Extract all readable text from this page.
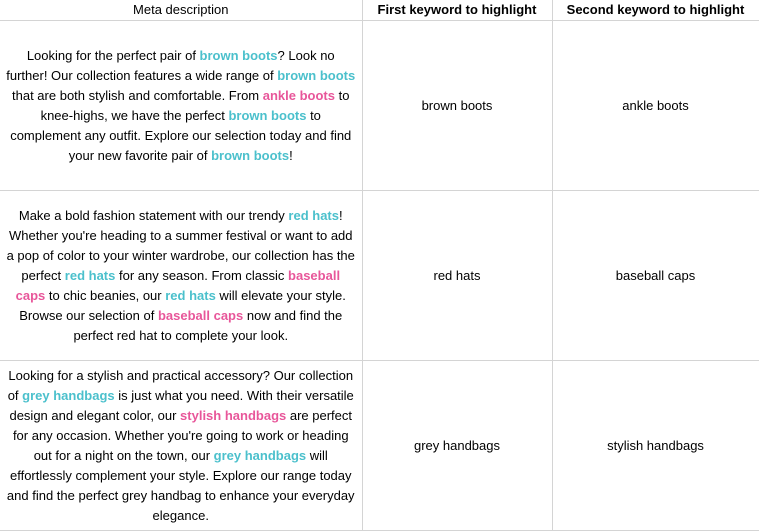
Meta description	First keyword to highlight	Second keyword to highlight
Looking for the perfect pair of brown boots? Look no further! Our collection features a wide range of brown boots that are both stylish and comfortable. From ankle boots to knee-highs, we have the perfect brown boots to complement any outfit. Explore our selection today and find your new favorite pair of brown boots!	brown boots	ankle boots
Make a bold fashion statement with our trendy red hats! Whether you're heading to a summer festival or want to add a pop of color to your winter wardrobe, our collection has the perfect red hats for any season. From classic baseball caps to chic beanies, our red hats will elevate your style. Browse our selection of baseball caps now and find the perfect red hat to complete your look.	red hats	baseball caps
Looking for a stylish and practical accessory? Our collection of grey handbags is just what you need. With their versatile design and elegant color, our stylish handbags are perfect for any occasion. Whether you're going to work or heading out for a night on the town, our grey handbags will effortlessly complement your style. Explore our range today and find the perfect grey handbag to enhance your everyday elegance.	grey handbags	stylish handbags
